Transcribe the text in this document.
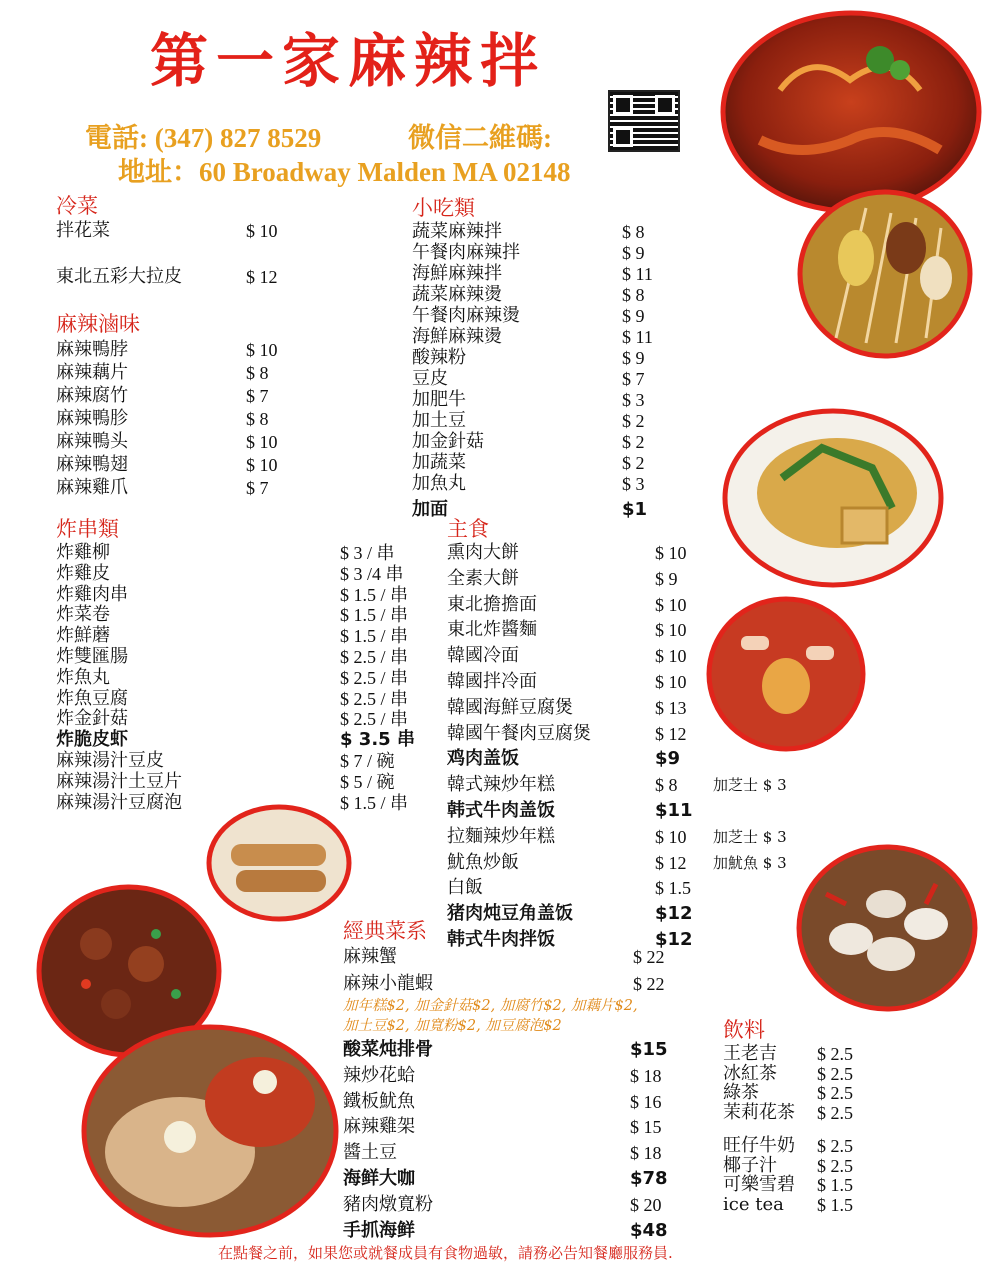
第一家麻辣拌
電話: (347) 827 8529	微信二維碼:
地址：60 Broadway Malden MA 02148
冷菜
拌花菜	$ 10
東北五彩大拉皮	$ 12
麻辣滷味
麻辣鴨脖	$ 10
麻辣藕片	$ 8
麻辣腐竹	$ 7
麻辣鴨胗	$ 8
麻辣鴨头	$ 10
麻辣鴨翅	$ 10
麻辣雞爪	$ 7
炸串類
炸雞柳	$ 3 / 串
炸雞皮	$ 3 /4 串
炸雞肉串	$ 1.5 / 串
炸菜卷	$ 1.5 / 串
炸鮮蘑	$ 1.5 / 串
炸雙匯腸	$ 2.5 / 串
炸魚丸	$ 2.5 / 串
炸魚豆腐	$ 2.5 / 串
炸金針菇	$ 2.5 / 串
炸脆皮虾	$ 3.5 串
麻辣湯汁豆皮	$ 7 / 碗
麻辣湯汁土豆片	$ 5 / 碗
麻辣湯汁豆腐泡	$ 1.5 / 串
小吃類
蔬菜麻辣拌	$ 8
午餐肉麻辣拌	$ 9
海鮮麻辣拌	$ 11
蔬菜麻辣燙	$ 8
午餐肉麻辣燙	$ 9
海鮮麻辣燙	$ 11
酸辣粉	$ 9
豆皮	$ 7
加肥牛	$ 3
加土豆	$ 2
加金針菇	$ 2
加蔬菜	$ 2
加魚丸	$ 3
加面	$1
主食
熏肉大餅	$ 10
全素大餅	$ 9
東北擔擔面	$ 10
東北炸醬麵	$ 10
韓國冷面	$ 10
韓國拌冷面	$ 10
韓國海鮮豆腐煲	$ 13
韓國午餐肉豆腐煲	$ 12
鸡肉盖饭	$9
韓式辣炒年糕	$ 8 加芝士 $ 3
韩式牛肉盖饭	$11
拉麵辣炒年糕	$ 10 加芝士 $ 3
魷魚炒飯	$ 12 加魷魚 $ 3
白飯	$ 1.5
猪肉炖豆角盖饭	$12
韩式牛肉拌饭	$12
經典菜系
麻辣蟹	$ 22
麻辣小龍蝦	$ 22
加年糕$2, 加金針菇$2, 加腐竹$2, 加藕片$2,
加土豆$2, 加寬粉$2, 加豆腐泡$2
酸菜炖排骨	$15
辣炒花蛤	$ 18
鐵板魷魚	$ 16
麻辣雞架	$ 15
醬土豆	$ 18
海鲜大咖	$78
豬肉燉寬粉	$ 20
手抓海鲜	$48
飲料
王老吉 $ 2.5
冰紅茶 $ 2.5
綠茶	$ 2.5
茉莉花茶 $ 2.5
旺仔牛奶 $ 2.5
椰子汁 $ 2.5
可樂雪碧 $ 1.5
ice tea $ 1.5
在點餐之前，如果您或就餐成員有食物過敏，請務必告知餐廳服務員.
